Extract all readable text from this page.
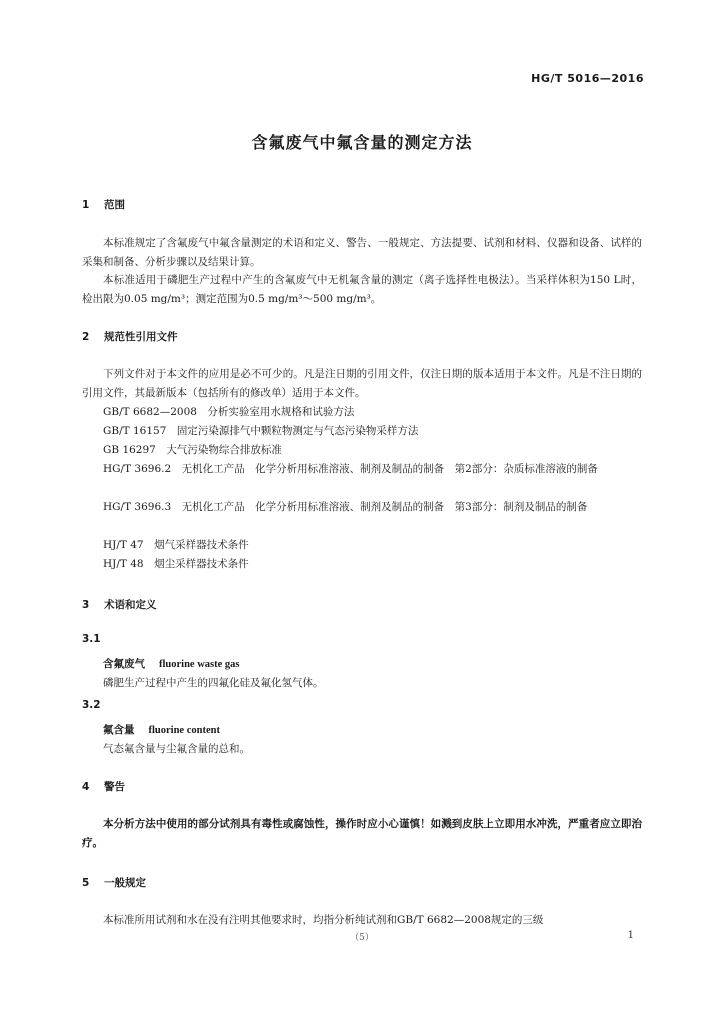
HG/T 5016—2016
含氟废气中氟含量的测定方法
1 范围
本标准规定了含氟废气中氟含量测定的术语和定义、警告、一般规定、方法提要、试剂和材料、仪器和设备、试样的采集和制备、分析步骤以及结果计算。
本标准适用于磷肥生产过程中产生的含氟废气中无机氟含量的测定（离子选择性电极法）。当采样体积为150 L时，检出限为0.05 mg/m³；测定范围为0.5 mg/m³～500 mg/m³。
2 规范性引用文件
下列文件对于本文件的应用是必不可少的。凡是注日期的引用文件，仅注日期的版本适用于本文件。凡是不注日期的引用文件，其最新版本（包括所有的修改单）适用于本文件。
GB/T 6682—2008　分析实验室用水规格和试验方法
GB/T 16157　固定污染源排气中颗粒物测定与气态污染物采样方法
GB 16297　大气污染物综合排放标准
HG/T 3696.2　无机化工产品　化学分析用标准溶液、制剂及制品的制备　第2部分：杂质标准溶液的制备
HG/T 3696.3　无机化工产品　化学分析用标准溶液、制剂及制品的制备　第3部分：制剂及制品的制备
HJ/T 47　烟气采样器技术条件
HJ/T 48　烟尘采样器技术条件
3 术语和定义
3.1
含氟废气 fluorine waste gas
磷肥生产过程中产生的四氟化硅及氟化氢气体。
3.2
氟含量 fluorine content
气态氟含量与尘氟含量的总和。
4 警告
本分析方法中使用的部分试剂具有毒性或腐蚀性，操作时应小心谨慎！如溅到皮肤上立即用水冲洗，严重者应立即治疗。
5 一般规定
本标准所用试剂和水在没有注明其他要求时，均指分析纯试剂和GB/T 6682—2008规定的三级
（5）	1
